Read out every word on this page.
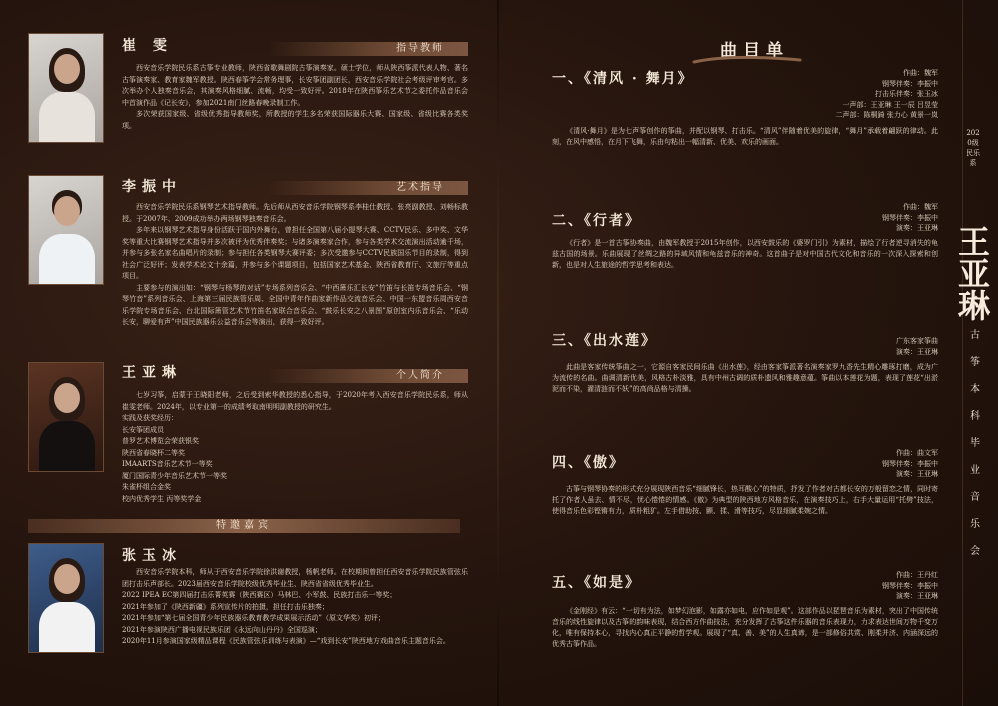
崔 雯	指导教师

西安音乐学院民乐系古筝专业教师，陕西省歌舞剧院古筝演奏家。硕士学位，师从陕西筝派代表人物、著名古筝演奏家、教育家魏军教授。陕西春筝学会常务理事，长安筝团副团长，西安音乐学院社会考级评审考官。多次举办个人独奏音乐会，其演奏风格细腻、流畅，均受一致好评。2018年在陕西筝乐艺术节之委托作品音乐会中首演作品《记长安》，参加2021南门丝路春晚录制工作。

多次荣获国家级、省级优秀指导教师奖，所教授的学生多名荣获国际器乐大赛、国家级、省级比赛各类奖项。

李振中	艺术指导

西安音乐学院民乐系钢琴艺术指导教师。先后师从西安音乐学院钢琴系李桂仕教授、张亮副教授、刘畅标教授。于2007年、2009成功举办两场钢琴独奏音乐会。

多年来以钢琴艺术指导身份活跃于国内外舞台，曾担任全国第八届小提琴大赛、CCTV民乐、多中奖、文华奖等重大比赛钢琴艺术指导并多次被评为优秀伴奏奖；与诸多演奏家合作，参与各类学术交流演出活动逾千场，并参与多张名家名曲唱片的录制；参与担任各类钢琴大赛评委；多次受邀参与CCTV民族国乐节目的录制，得到社会广泛好评；发表学术论文十余篇，并参与多个课题项目，包括国家艺术基金、陕西省教育厅、文旅厅等重点项目。

主要参与的演出如：“钢琴与杨琴的对话”专场系列音乐会、“中西箫乐汇长安”竹笛与长笛专场音乐会、“钢琴竹音”系列音乐会、上海第三届民族管乐周、全国中青年作曲家新作品交流音乐会、中国一东盟音乐周西安音乐学院专场音乐会、台北国际箫管艺术节竹笛名家联合音乐会、“鼓乐长安之八景图”原创室内乐音乐会、“乐动长安，聊爱有声”中国民族器乐公益音乐会等演出，获得一致好评。

王亚琳	个人简介

七岁习筝，启蒙于王晓阳老师，之后受到索华教授的悉心指导，于2020年考入西安音乐学院民乐系，师从崔雯老师。2024年，以专业第一的成绩考取南明明副教授的研究生。

实践及获奖经历：
长安筝团成员
普罗艺术博览会荣获银奖
陕西省春晓杯二等奖
IMAARTS音乐艺术节一等奖
厦门国际青少年音乐艺术节一等奖
朱雀杯组合金奖
校内优秀学生 丙等奖学金
特邀嘉宾
张玉冰

西安音乐学院本科，师从于西安音乐学院徐洪谢教授，杨帆老师。在校期间曾担任西安音乐学院民族管弦乐团打击乐声部长。2023届西安音乐学院校级优秀毕业生、陕西省省级优秀毕业生。

2022 IPEA EC第四届打击乐菁英赛（陕西赛区）马林巴、小军鼓、民族打击乐一等奖；
2021年参加了《陕西新疆》系列宣传片的拍摄，担任打击乐独奏；
2021年参加“第七届全国青少年民族器乐教育教学成果展示活动”（原文华奖）初评；
2021年参演陕西广播电视民族乐团《永远向山丹丹》全国巡演；
2020年11月参演国家级精品课程《民族管弦乐训练与表演》—“戏到长安”陕西地方戏曲音乐主题音乐会。
曲目单
一、《清风 · 舞月》	作曲：魏军
钢琴伴奏：李振中
打击乐伴奏：张玉冰
一声部：王亚琳 王一辰 吕昱莹
二声部：陈桐錡 张力心 黄景一岚
《清风·舞月》是为七声筝创作的筝曲，并配以钢琴、打击乐。“清风”伴随着优美的旋律，“舞月”承载着翩跃的律动。此刻，在风中感悟，在月下飞舞，乐由句粘出一幅清新、优美、欢乐的画面。
二、《行者》
作曲：魏军
钢琴伴奏：李振中
演奏：王亚琳
《行者》是一首古筝协奏曲，由魏军教授于2015年创作，以西安鼓乐的《婆罗门引》为素材，描绘了行者逆寻消失的龟兹古国的场景。乐曲展现了丝绸之路的异域风情和龟兹音乐的神奇。这首曲子是对中国古代文化和音乐的一次深入探索和创新，也是对人生旅途的哲学思考和表达。
三、《出水莲》	广东客家筝曲
演奏：王亚琳
此曲是客家传统筝曲之一，它源自客家民间乐曲《出水莲》，经由客家筝派著名演奏家罗九香先生精心雕琢打磨，成为广为流传的名曲。曲调清新优美，风格古朴淡雅，具有中州古调的质朴遗风和雅趣意蕴。筝曲以本莲花为题，表现了莲花“出淤泥而不染，濯清涟而不妖”的高尚品格与清操。
四、《傲》
作曲：曲文军
钢琴伴奏：李振中
演奏：王亚琳
古筝与钢琴协奏的形式充分展现陕西音乐“细腻锋长，热耳酸心”的特质，抒发了作者对古都长安的万般留恋之情，同时寄托了作者人虽去、情不尽，忧心惓惓的情感。《傲》为典型的陕西地方风格音乐，在演奏技巧上，右手大量运用“托劈”技法，使得音乐色彩铿锵有力，质朴粗犷。左手借助按、颤、揉、滑等技巧，尽显细腻柔婉之情。
五、《如是》	作曲：王丹红
钢琴伴奏：李振中
演奏：王亚琳
《金刚经》有云：“一切有为法，如梦幻泡影，如露亦如电，应作如是观”。这部作品以琵琶音乐为素材，突出了中国传统音乐的线性旋律以及古筝的韵味表现，结合西方作曲技法，充分发挥了古筝这件乐器的音乐表现力，力求表达世间万物千变万化，唯有保持本心，寻找内心真正平静的哲学观。展现了“真、善、美”的人生真谛，是一部修俗共赏、刚柔并济、内涵深远的优秀古筝作品。
2020级民乐系
王亚琳
古筝本科毕业音乐会
